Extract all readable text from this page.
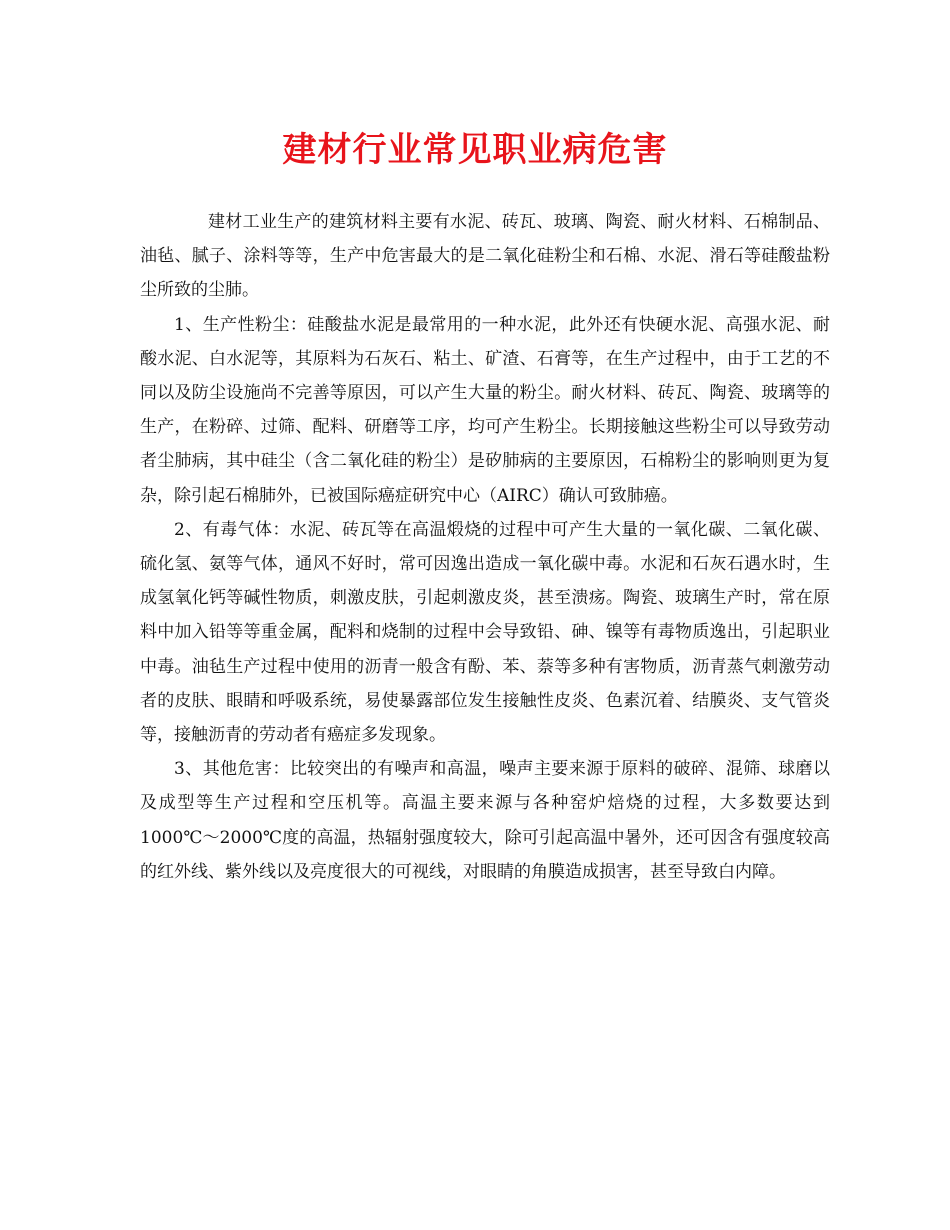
建材行业常见职业病危害

建材工业生产的建筑材料主要有水泥、砖瓦、玻璃、陶瓷、耐火材料、石棉制品、油毡、腻子、涂料等等，生产中危害最大的是二氧化硅粉尘和石棉、水泥、滑石等硅酸盐粉尘所致的尘肺。

1、生产性粉尘：硅酸盐水泥是最常用的一种水泥，此外还有快硬水泥、高强水泥、耐酸水泥、白水泥等，其原料为石灰石、粘土、矿渣、石膏等，在生产过程中，由于工艺的不同以及防尘设施尚不完善等原因，可以产生大量的粉尘。耐火材料、砖瓦、陶瓷、玻璃等的生产，在粉碎、过筛、配料、研磨等工序，均可产生粉尘。长期接触这些粉尘可以导致劳动者尘肺病，其中硅尘（含二氧化硅的粉尘）是矽肺病的主要原因，石棉粉尘的影响则更为复杂，除引起石棉肺外，已被国际癌症研究中心（AIRC）确认可致肺癌。

2、有毒气体：水泥、砖瓦等在高温煅烧的过程中可产生大量的一氧化碳、二氧化碳、硫化氢、氨等气体，通风不好时，常可因逸出造成一氧化碳中毒。水泥和石灰石遇水时，生成氢氧化钙等碱性物质，刺激皮肤，引起刺激皮炎，甚至溃疡。陶瓷、玻璃生产时，常在原料中加入铅等等重金属，配料和烧制的过程中会导致铅、砷、镍等有毒物质逸出，引起职业中毒。油毡生产过程中使用的沥青一般含有酚、苯、萘等多种有害物质，沥青蒸气刺激劳动者的皮肤、眼睛和呼吸系统，易使暴露部位发生接触性皮炎、色素沉着、结膜炎、支气管炎等，接触沥青的劳动者有癌症多发现象。

3、其他危害：比较突出的有噪声和高温，噪声主要来源于原料的破碎、混筛、球磨以及成型等生产过程和空压机等。高温主要来源与各种窑炉焙烧的过程，大多数要达到1000℃～2000℃度的高温，热辐射强度较大，除可引起高温中暑外，还可因含有强度较高的红外线、紫外线以及亮度很大的可视线，对眼睛的角膜造成损害，甚至导致白内障。
